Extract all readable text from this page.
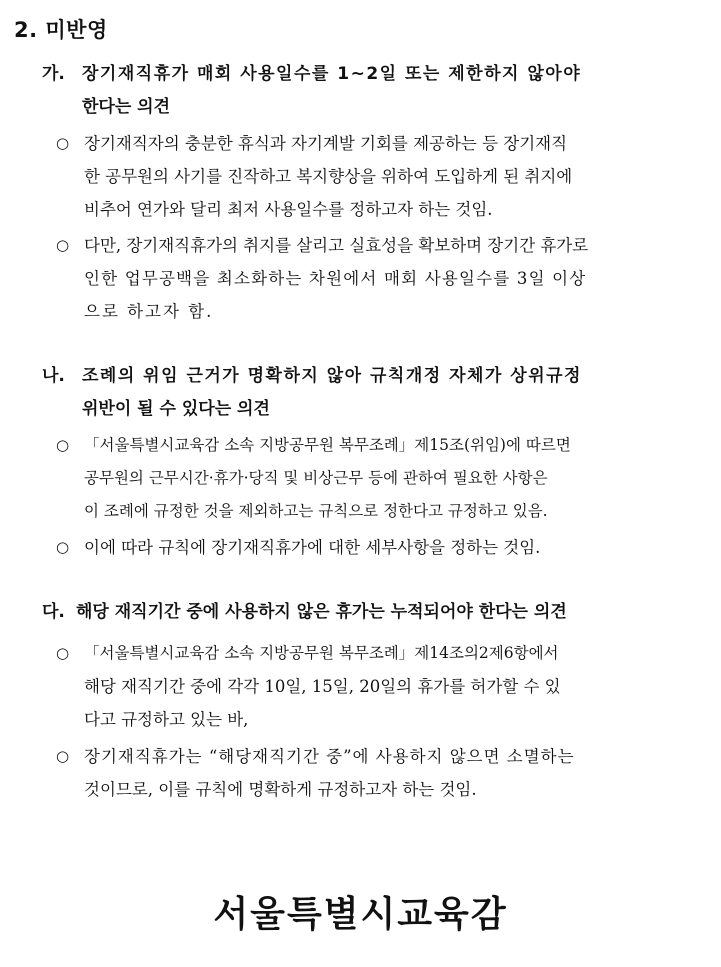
2. 미반영
가.	장기재직휴가 매회 사용일수를 1~2일 또는 제한하지 않아야
한다는 의견
○ 장기재직자의 충분한 휴식과 자기계발 기회를 제공하는 등 장기재직
한 공무원의 사기를 진작하고 복지향상을 위하여 도입하게 된 취지에
비추어 연가와 달리 최저 사용일수를 정하고자 하는 것임.
○ 다만, 장기재직휴가의 취지를 살리고 실효성을 확보하며 장기간 휴가로
인한 업무공백을 최소화하는 차원에서 매회 사용일수를 3일 이상
으로 하고자 함.
나.	조례의 위임 근거가 명확하지 않아 규칙개정 자체가 상위규정
위반이 될 수 있다는 의견
○ 「서울특별시교육감 소속 지방공무원 복무조례」제15조(위임)에 따르면
공무원의 근무시간·휴가·당직 및 비상근무 등에 관하여 필요한 사항은
이 조례에 규정한 것을 제외하고는 규칙으로 정한다고 규정하고 있음.
○ 이에 따라 규칙에 장기재직휴가에 대한 세부사항을 정하는 것임.
다. 해당 재직기간 중에 사용하지 않은 휴가는 누적되어야 한다는 의견
○ 「서울특별시교육감 소속 지방공무원 복무조례」제14조의2제6항에서
해당 재직기간 중에 각각 10일, 15일, 20일의 휴가를 허가할 수 있
다고 규정하고 있는 바,
○ 장기재직휴가는 “해당재직기간 중”에 사용하지 않으면 소멸하는
것이므로, 이를 규칙에 명확하게 규정하고자 하는 것임.
서울특별시교육감
